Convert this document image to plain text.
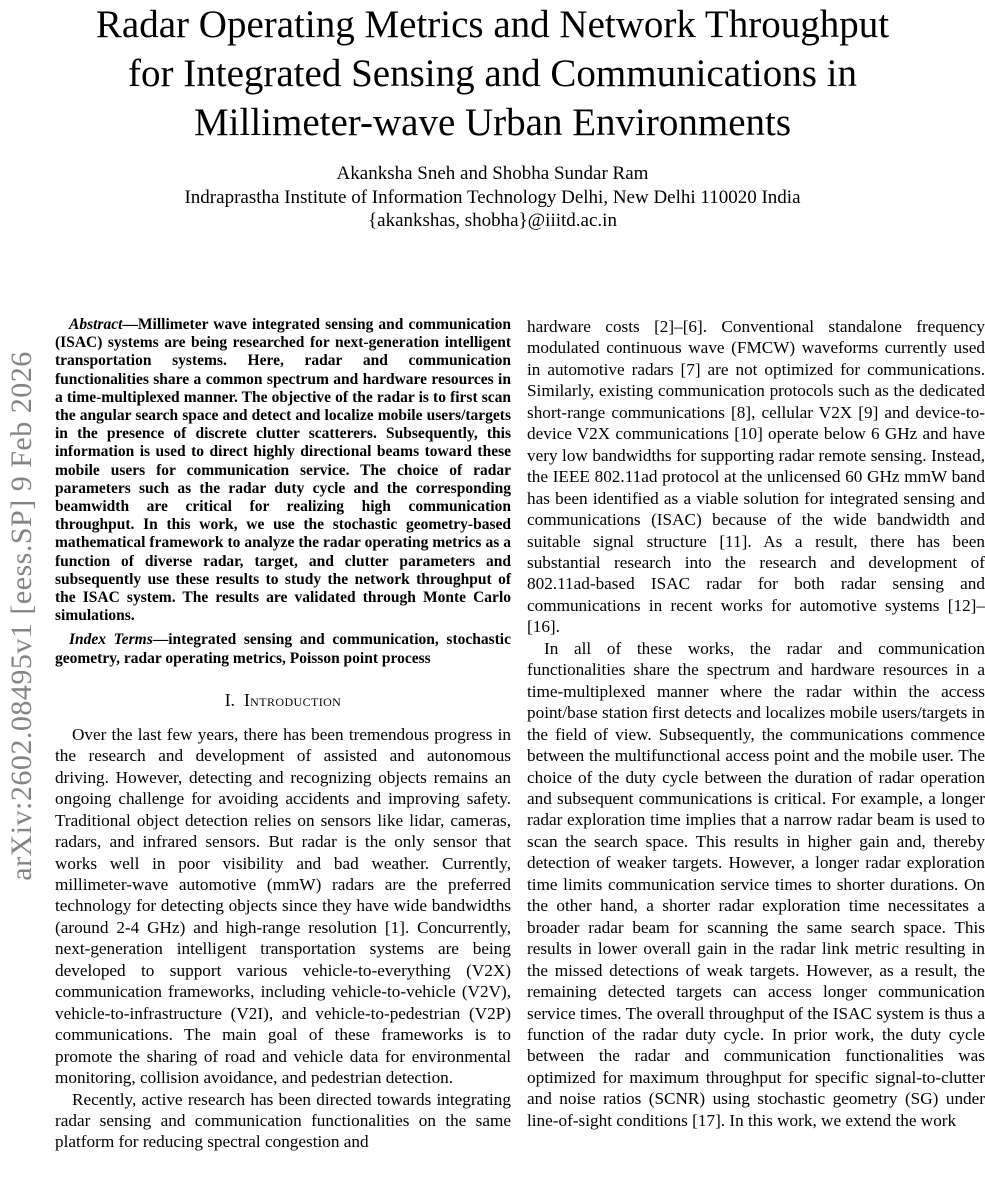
arXiv:2602.08495v1 [eess.SP] 9 Feb 2026
Radar Operating Metrics and Network Throughput
for Integrated Sensing and Communications in
Millimeter-wave Urban Environments
Akanksha Sneh and Shobha Sundar Ram
Indraprastha Institute of Information Technology Delhi, New Delhi 110020 India
{akankshas, shobha}@iiitd.ac.in

Abstract—Millimeter wave integrated sensing and communication (ISAC) systems are being researched for next-generation intelligent transportation systems. Here, radar and communication functionalities share a common spectrum and hardware resources in a time-multiplexed manner. The objective of the radar is to first scan the angular search space and detect and localize mobile users/targets in the presence of discrete clutter scatterers. Subsequently, this information is used to direct highly directional beams toward these mobile users for communication service. The choice of radar parameters such as the radar duty cycle and the corresponding beamwidth are critical for realizing high communication throughput. In this work, we use the stochastic geometry-based mathematical framework to analyze the radar operating metrics as a function of diverse radar, target, and clutter parameters and subsequently use these results to study the network throughput of the ISAC system. The results are validated through Monte Carlo simulations.

Index Terms—integrated sensing and communication, stochastic geometry, radar operating metrics, Poisson point process

I. Introduction

Over the last few years, there has been tremendous progress in the research and development of assisted and autonomous driving. However, detecting and recognizing objects remains an ongoing challenge for avoiding accidents and improving safety. Traditional object detection relies on sensors like lidar, cameras, radars, and infrared sensors. But radar is the only sensor that works well in poor visibility and bad weather. Currently, millimeter-wave automotive (mmW) radars are the preferred technology for detecting objects since they have wide bandwidths (around 2-4 GHz) and high-range resolution [1]. Concurrently, next-generation intelligent transportation systems are being developed to support various vehicle-to-everything (V2X) communication frameworks, including vehicle-to-vehicle (V2V), vehicle-to-infrastructure (V2I), and vehicle-to-pedestrian (V2P) communications. The main goal of these frameworks is to promote the sharing of road and vehicle data for environmental monitoring, collision avoidance, and pedestrian detection.

Recently, active research has been directed towards integrating radar sensing and communication functionalities on the same platform for reducing spectral congestion and

hardware costs [2]–[6]. Conventional standalone frequency modulated continuous wave (FMCW) waveforms currently used in automotive radars [7] are not optimized for communications. Similarly, existing communication protocols such as the dedicated short-range communications [8], cellular V2X [9] and device-to-device V2X communications [10] operate below 6 GHz and have very low bandwidths for supporting radar remote sensing. Instead, the IEEE 802.11ad protocol at the unlicensed 60 GHz mmW band has been identified as a viable solution for integrated sensing and communications (ISAC) because of the wide bandwidth and suitable signal structure [11]. As a result, there has been substantial research into the research and development of 802.11ad-based ISAC radar for both radar sensing and communications in recent works for automotive systems [12]–[16].

In all of these works, the radar and communication functionalities share the spectrum and hardware resources in a time-multiplexed manner where the radar within the access point/base station first detects and localizes mobile users/targets in the field of view. Subsequently, the communications commence between the multifunctional access point and the mobile user. The choice of the duty cycle between the duration of radar operation and subsequent communications is critical. For example, a longer radar exploration time implies that a narrow radar beam is used to scan the search space. This results in higher gain and, thereby detection of weaker targets. However, a longer radar exploration time limits communication service times to shorter durations. On the other hand, a shorter radar exploration time necessitates a broader radar beam for scanning the same search space. This results in lower overall gain in the radar link metric resulting in the missed detections of weak targets. However, as a result, the remaining detected targets can access longer communication service times. The overall throughput of the ISAC system is thus a function of the radar duty cycle. In prior work, the duty cycle between the radar and communication functionalities was optimized for maximum throughput for specific signal-to-clutter and noise ratios (SCNR) using stochastic geometry (SG) under line-of-sight conditions [17]. In this work, we extend the work
